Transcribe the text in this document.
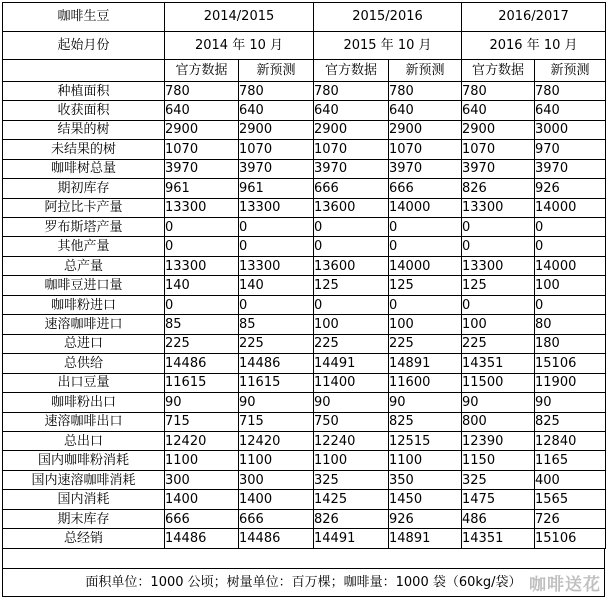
咖啡生豆	2014/2015		2015/2016		2016/2017	
起始月份	2014 年 10 月		2015 年 10 月		2016 年 10 月	
	官方数据	新预测	官方数据	新预测	官方数据	新预测
种植面积	780	780	780	780	780	780
收获面积	640	640	640	640	640	640
结果的树	2900	2900	2900	2900	2900	3000
未结果的树	1070	1070	1070	1070	1070	970
咖啡树总量	3970	3970	3970	3970	3970	3970
期初库存	961	961	666	666	826	926
阿拉比卡产量	13300	13300	13600	14000	13300	14000
罗布斯塔产量	0	0	0	0	0	0
其他产量	0	0	0	0	0	0
总产量	13300	13300	13600	14000	13300	14000
咖啡豆进口量	140	140	125	125	125	100
咖啡粉进口	0	0	0	0	0	0
速溶咖啡进口	85	85	100	100	100	80
总进口	225	225	225	225	225	180
总供给	14486	14486	14491	14891	14351	15106
出口豆量	11615	11615	11400	11600	11500	11900
咖啡粉出口	90	90	90	90	90	90
速溶咖啡出口	715	715	750	825	800	825
总出口	12420	12420	12240	12515	12390	12840
国内咖啡粉消耗	1100	1100	1100	1100	1150	1165
国内速溶咖啡消耗	300	300	325	350	325	400
国内消耗	1400	1400	1425	1450	1475	1565
期末库存	666	666	826	926	486	726
总经销	14486	14486	14491	14891	14351	15106
面积单位：1000 公顷；树量单位：百万棵；咖啡量：1000 袋（60kg/袋） 咖啡送花
